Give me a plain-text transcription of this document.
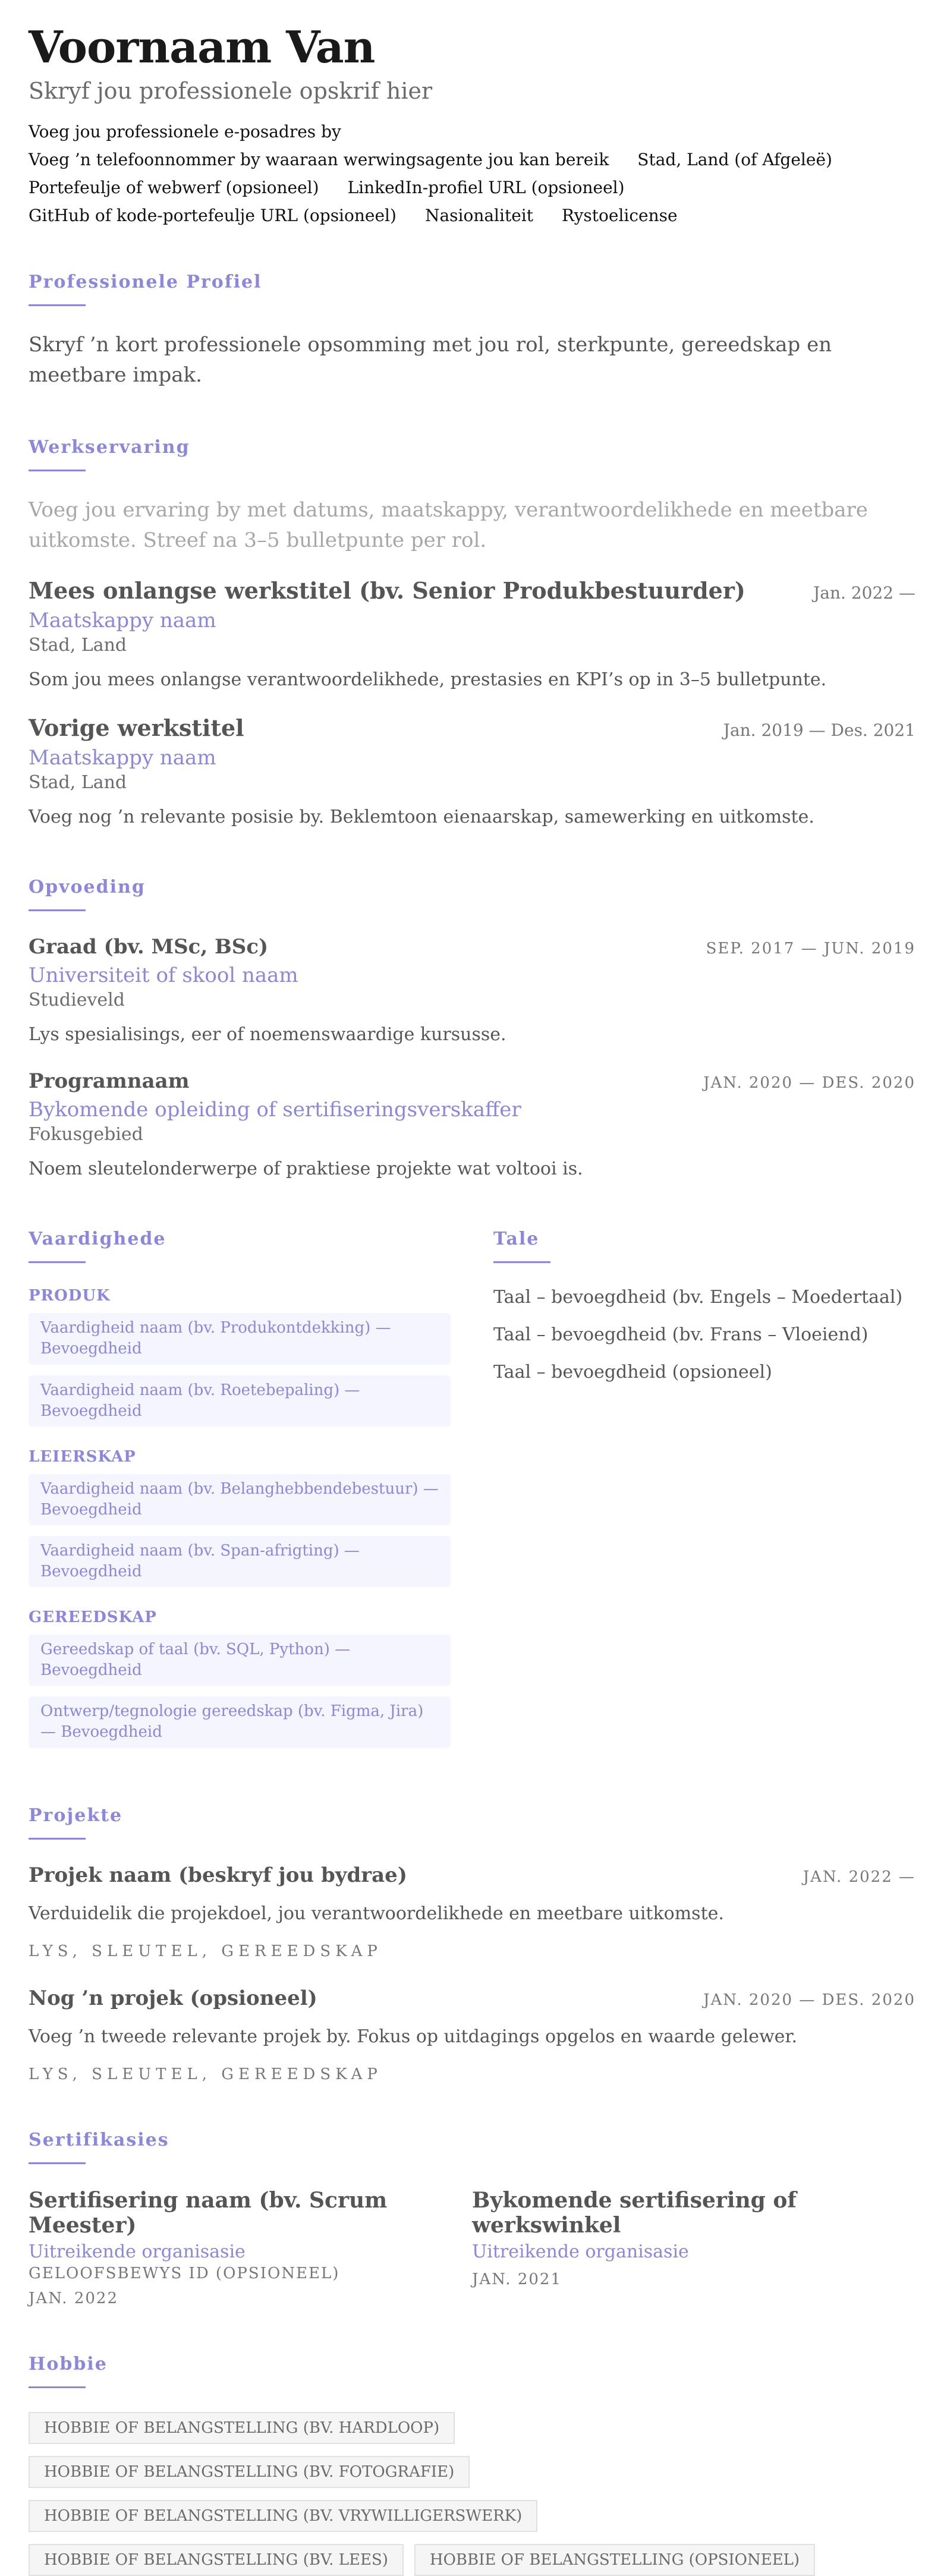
Voornaam Van
Skryf jou professionele opskrif hier
Voeg jou professionele e-posadres by
Voeg ’n telefoonnommer by waaraan werwingsagente jou kan bereik Stad, Land (of Afgeleë)
Portefeulje of webwerf (opsioneel) LinkedIn-profiel URL (opsioneel)
GitHub of kode-portefeulje URL (opsioneel) Nasionaliteit Rystoelicense
Professionele Profiel

Skryf ’n kort professionele opsomming met jou rol, sterkpunte, gereedskap en meetbare impak.

Werkservaring

Voeg jou ervaring by met datums, maatskappy, verantwoordelikhede en meetbare uitkomste. Streef na 3–5 bulletpunte per rol.

Mees onlangse werkstitel (bv. Senior Produkbestuurder)	Jan. 2022 —
Maatskappy naam
Stad, Land

Som jou mees onlangse verantwoordelikhede, prestasies en KPI’s op in 3–5 bulletpunte.

Vorige werkstitel	Jan. 2019 — Des. 2021
Maatskappy naam
Stad, Land

Voeg nog ’n relevante posisie by. Beklemtoon eienaarskap, samewerking en uitkomste.

Opvoeding
Graad (bv. MSc, BSc)	SEP. 2017 — JUN. 2019
Universiteit of skool naam
Studieveld

Lys spesialisings, eer of noemenswaardige kursusse.

Programnaam	JAN. 2020 — DES. 2020
Bykomende opleiding of sertifiseringsverskaffer
Fokusgebied

Noem sleutelonderwerpe of praktiese projekte wat voltooi is.

Vaardighede
PRODUK
Vaardigheid naam (bv. Produkontdekking) — Bevoegdheid
Vaardigheid naam (bv. Roetebepaling) — Bevoegdheid
LEIERSKAP
Vaardigheid naam (bv. Belanghebbendebestuur) — Bevoegdheid
Vaardigheid naam (bv. Span-afrigting) — Bevoegdheid
GEREEDSKAP
Gereedskap of taal (bv. SQL, Python) — Bevoegdheid
Ontwerp/tegnologie gereedskap (bv. Figma, Jira) — Bevoegdheid
Tale

Taal – bevoegdheid (bv. Engels – Moedertaal)

Taal – bevoegdheid (bv. Frans – Vloeiend)

Taal – bevoegdheid (opsioneel)

Projekte
Projek naam (beskryf jou bydrae)	JAN. 2022 —

Verduidelik die projekdoel, jou verantwoordelikhede en meetbare uitkomste.

LYS, SLEUTEL, GEREEDSKAP
Nog ’n projek (opsioneel)	JAN. 2020 — DES. 2020

Voeg ’n tweede relevante projek by. Fokus op uitdagings opgelos en waarde gelewer.

LYS, SLEUTEL, GEREEDSKAP
Sertifikasies
Sertifisering naam (bv. Scrum Meester)
Uitreikende organisasie
GELOOFSBEWYS ID (OPSIONEEL)
JAN. 2022
Bykomende sertifisering of werkswinkel
Uitreikende organisasie
JAN. 2021
Hobbie
HOBBIE OF BELANGSTELLING (BV. HARDLOOP)
HOBBIE OF BELANGSTELLING (BV. FOTOGRAFIE)
HOBBIE OF BELANGSTELLING (BV. VRYWILLIGERSWERK)
HOBBIE OF BELANGSTELLING (BV. LEES)	HOBBIE OF BELANGSTELLING (OPSIONEEL)
